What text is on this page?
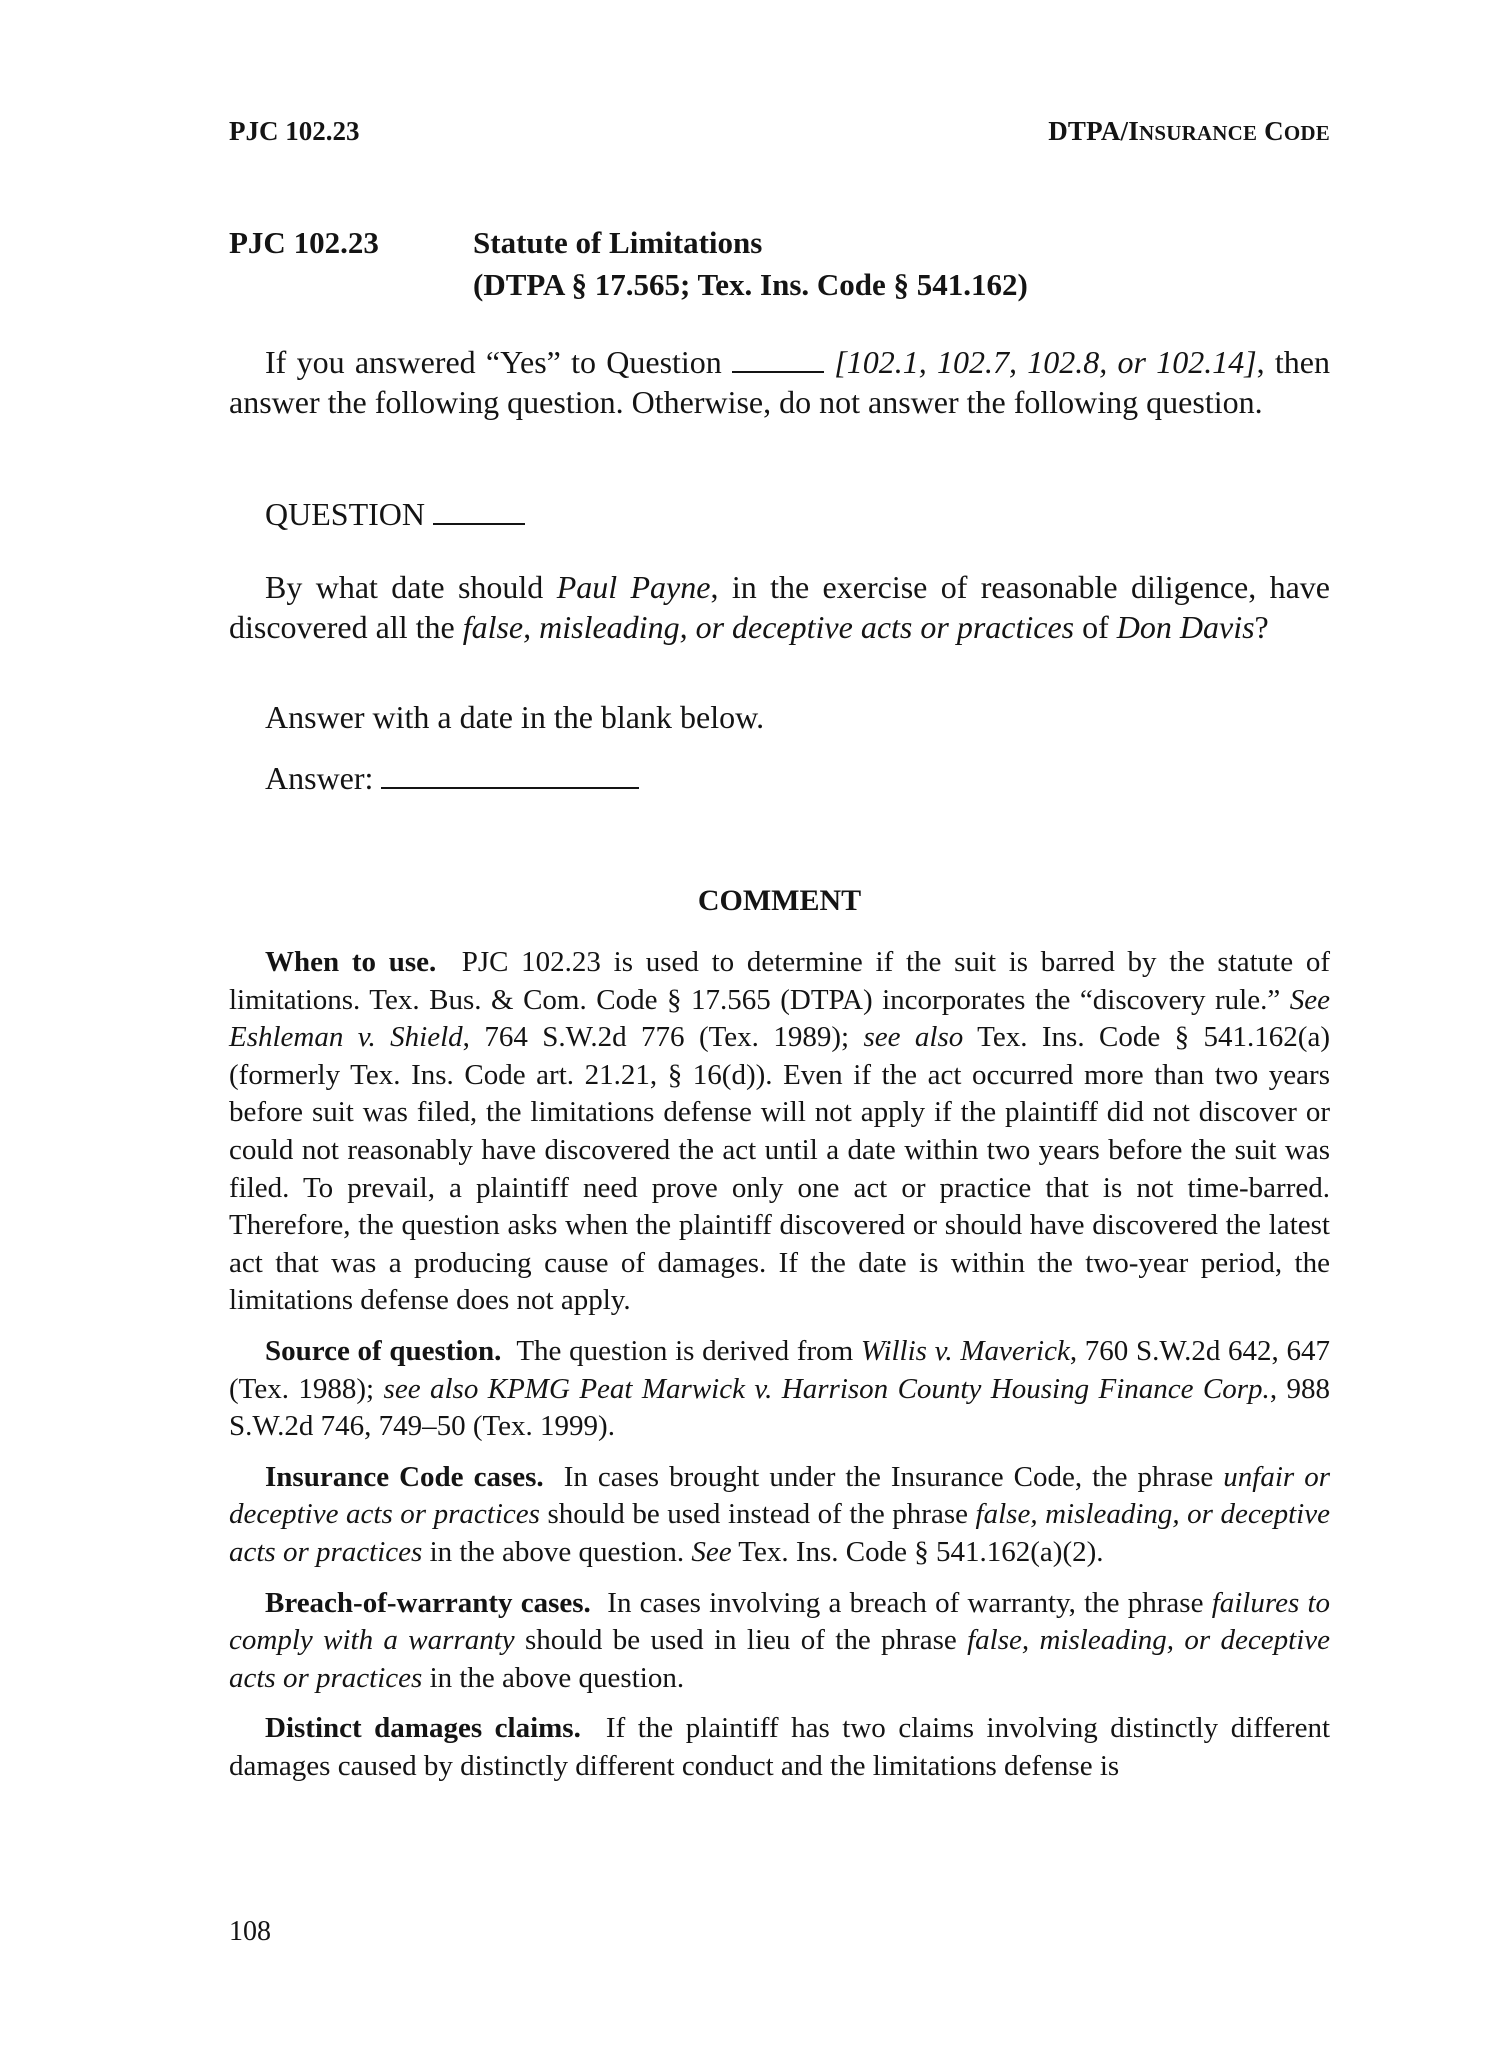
PJC 102.23	DTPA/INSURANCE CODE
PJC 102.23	Statute of Limitations
(DTPA § 17.565; Tex. Ins. Code § 541.162)

If you answered “Yes” to Question	[102.1, 102.7, 102.8, or 102.14], then answer the following question. Otherwise, do not answer the following question.

QUESTION

By what date should Paul Payne, in the exercise of reasonable diligence, have discovered all the false, misleading, or deceptive acts or practices of Don Davis?

Answer with a date in the blank below.

Answer:

COMMENT

When to use. PJC 102.23 is used to determine if the suit is barred by the statute of limitations. Tex. Bus. & Com. Code § 17.565 (DTPA) incorporates the “discovery rule.” See Eshleman v. Shield, 764 S.W.2d 776 (Tex. 1989); see also Tex. Ins. Code § 541.162(a) (formerly Tex. Ins. Code art. 21.21, § 16(d)). Even if the act occurred more than two years before suit was filed, the limitations defense will not apply if the plaintiff did not discover or could not reasonably have discovered the act until a date within two years before the suit was filed. To prevail, a plaintiff need prove only one act or practice that is not time-barred. Therefore, the question asks when the plaintiff discovered or should have discovered the latest act that was a producing cause of damages. If the date is within the two-year period, the limitations defense does not apply.

Source of question. The question is derived from Willis v. Maverick, 760 S.W.2d 642, 647 (Tex. 1988); see also KPMG Peat Marwick v. Harrison County Housing Finance Corp., 988 S.W.2d 746, 749–50 (Tex. 1999).

Insurance Code cases. In cases brought under the Insurance Code, the phrase unfair or deceptive acts or practices should be used instead of the phrase false, misleading, or deceptive acts or practices in the above question. See Tex. Ins. Code § 541.162(a)(2).

Breach-of-warranty cases. In cases involving a breach of warranty, the phrase failures to comply with a warranty should be used in lieu of the phrase false, misleading, or deceptive acts or practices in the above question.

Distinct damages claims. If the plaintiff has two claims involving distinctly different damages caused by distinctly different conduct and the limitations defense is

108
